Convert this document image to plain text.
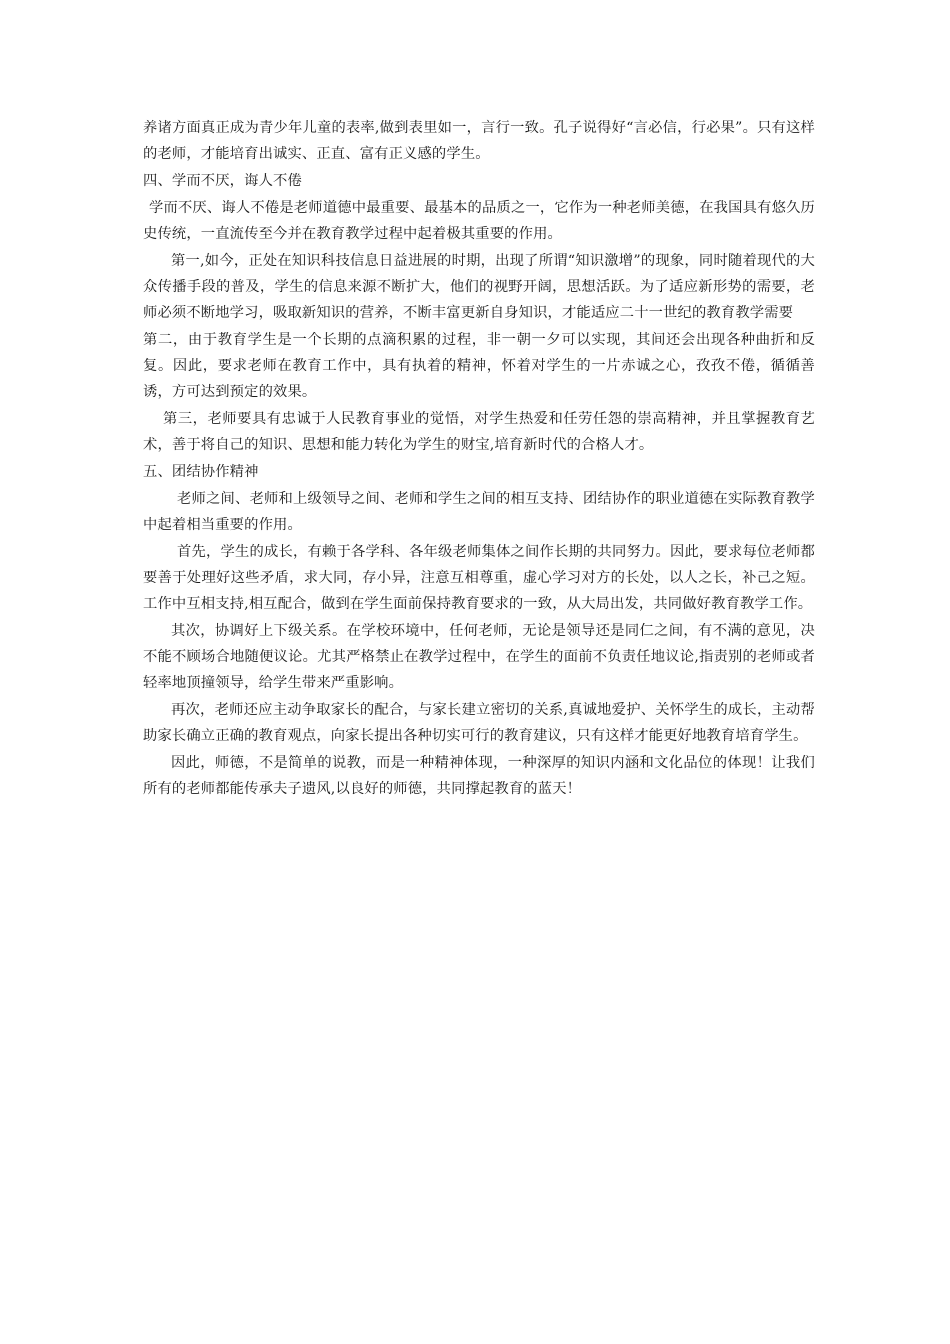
养诸方面真正成为青少年儿童的表率,做到表里如一，言行一致。孔子说得好“言必信，行必果”。只有这样的老师，才能培育出诚实、正直、富有正义感的学生。

四、学而不厌，诲人不倦

学而不厌、诲人不倦是老师道德中最重要、最基本的品质之一，它作为一种老师美德，在我国具有悠久历史传统，一直流传至今并在教育教学过程中起着极其重要的作用。

第一,如今，正处在知识科技信息日益进展的时期，出现了所谓“知识激增”的现象，同时随着现代的大众传播手段的普及，学生的信息来源不断扩大，他们的视野开阔，思想活跃。为了适应新形势的需要，老师必须不断地学习，吸取新知识的营养，不断丰富更新自身知识，才能适应二十一世纪的教育教学需要

第二，由于教育学生是一个长期的点滴积累的过程，非一朝一夕可以实现，其间还会出现各种曲折和反复。因此，要求老师在教育工作中，具有执着的精神，怀着对学生的一片赤诚之心，孜孜不倦，循循善诱，方可达到预定的效果。

第三，老师要具有忠诚于人民教育事业的觉悟，对学生热爱和任劳任怨的崇高精神，并且掌握教育艺术，善于将自己的知识、思想和能力转化为学生的财宝,培育新时代的合格人才。

五、团结协作精神

老师之间、老师和上级领导之间、老师和学生之间的相互支持、团结协作的职业道德在实际教育教学中起着相当重要的作用。

首先，学生的成长，有赖于各学科、各年级老师集体之间作长期的共同努力。因此，要求每位老师都要善于处理好这些矛盾，求大同，存小异，注意互相尊重，虚心学习对方的长处，以人之长，补己之短。工作中互相支持,相互配合，做到在学生面前保持教育要求的一致，从大局出发，共同做好教育教学工作。

其次，协调好上下级关系。在学校环境中，任何老师，无论是领导还是同仁之间，有不满的意见，决不能不顾场合地随便议论。尤其严格禁止在教学过程中，在学生的面前不负责任地议论,指责别的老师或者轻率地顶撞领导，给学生带来严重影响。

再次，老师还应主动争取家长的配合，与家长建立密切的关系,真诚地爱护、关怀学生的成长，主动帮助家长确立正确的教育观点，向家长提出各种切实可行的教育建议，只有这样才能更好地教育培育学生。

因此，师德，不是简单的说教，而是一种精神体现，一种深厚的知识内涵和文化品位的体现！让我们所有的老师都能传承夫子遗风,以良好的师德，共同撑起教育的蓝天！
